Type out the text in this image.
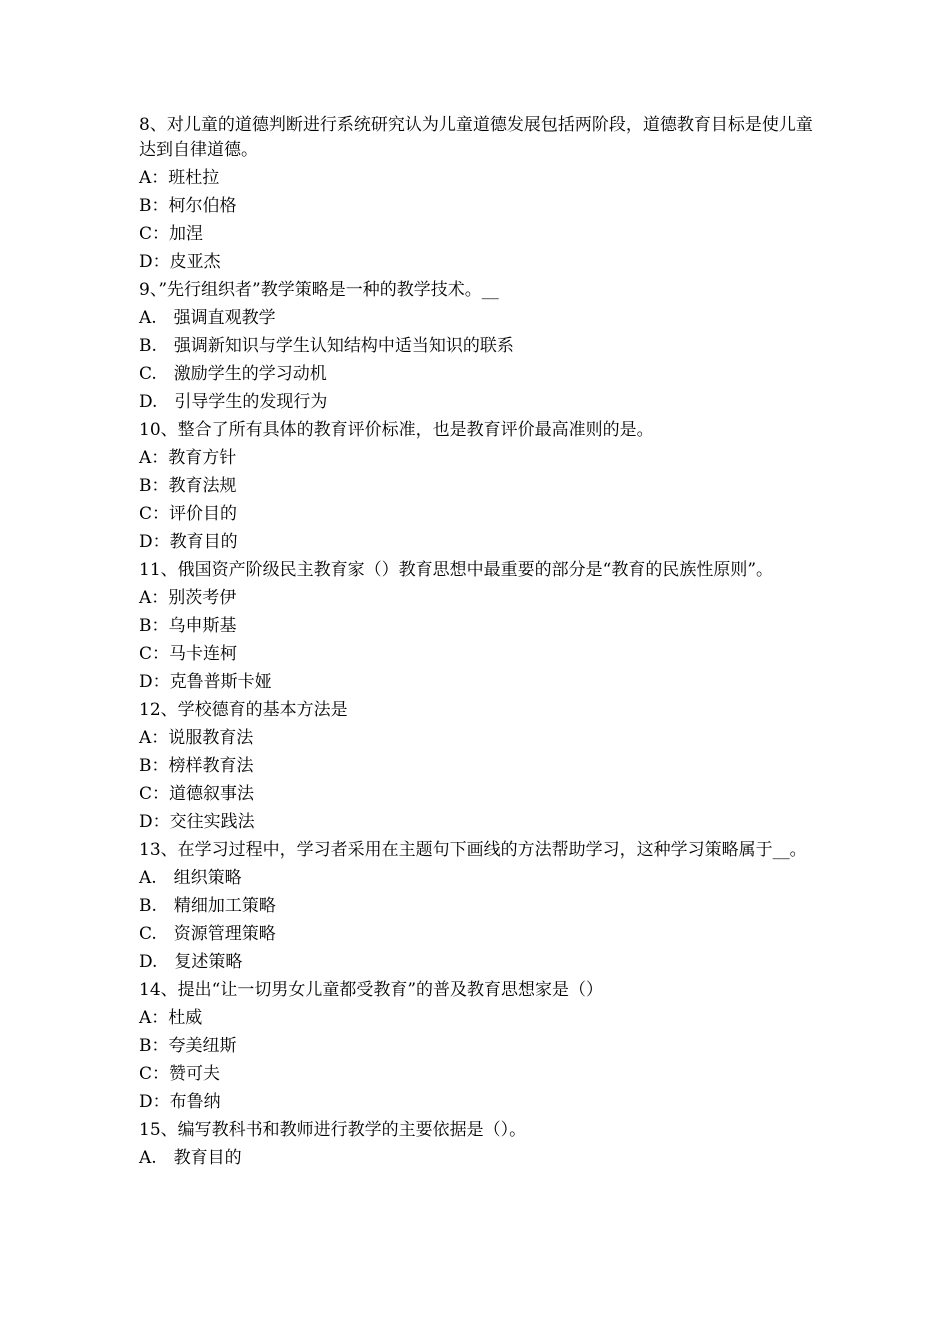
8、对儿童的道德判断进行系统研究认为儿童道德发展包括两阶段，道德教育目标是使儿童达到自律道德。
A：班杜拉
B：柯尔伯格
C：加涅
D：皮亚杰
9、”先行组织者”教学策略是一种的教学技术。__
A.　强调直观教学
B.　强调新知识与学生认知结构中适当知识的联系
C.　激励学生的学习动机
D.　引导学生的发现行为
10、整合了所有具体的教育评价标准，也是教育评价最高准则的是。
A：教育方针
B：教育法规
C：评价目的
D：教育目的
11、俄国资产阶级民主教育家（）教育思想中最重要的部分是“教育的民族性原则”。
A：别茨考伊
B：乌申斯基
C：马卡连柯
D：克鲁普斯卡娅
12、学校德育的基本方法是
A：说服教育法
B：榜样教育法
C：道德叙事法
D：交往实践法
13、在学习过程中，学习者采用在主题句下画线的方法帮助学习，这种学习策略属于__。
A.　组织策略
B.　精细加工策略
C.　资源管理策略
D.　复述策略
14、提出“让一切男女儿童都受教育”的普及教育思想家是（）
A：杜威
B：夸美纽斯
C：赞可夫
D：布鲁纳
15、编写教科书和教师进行教学的主要依据是（）。
A.　教育目的
